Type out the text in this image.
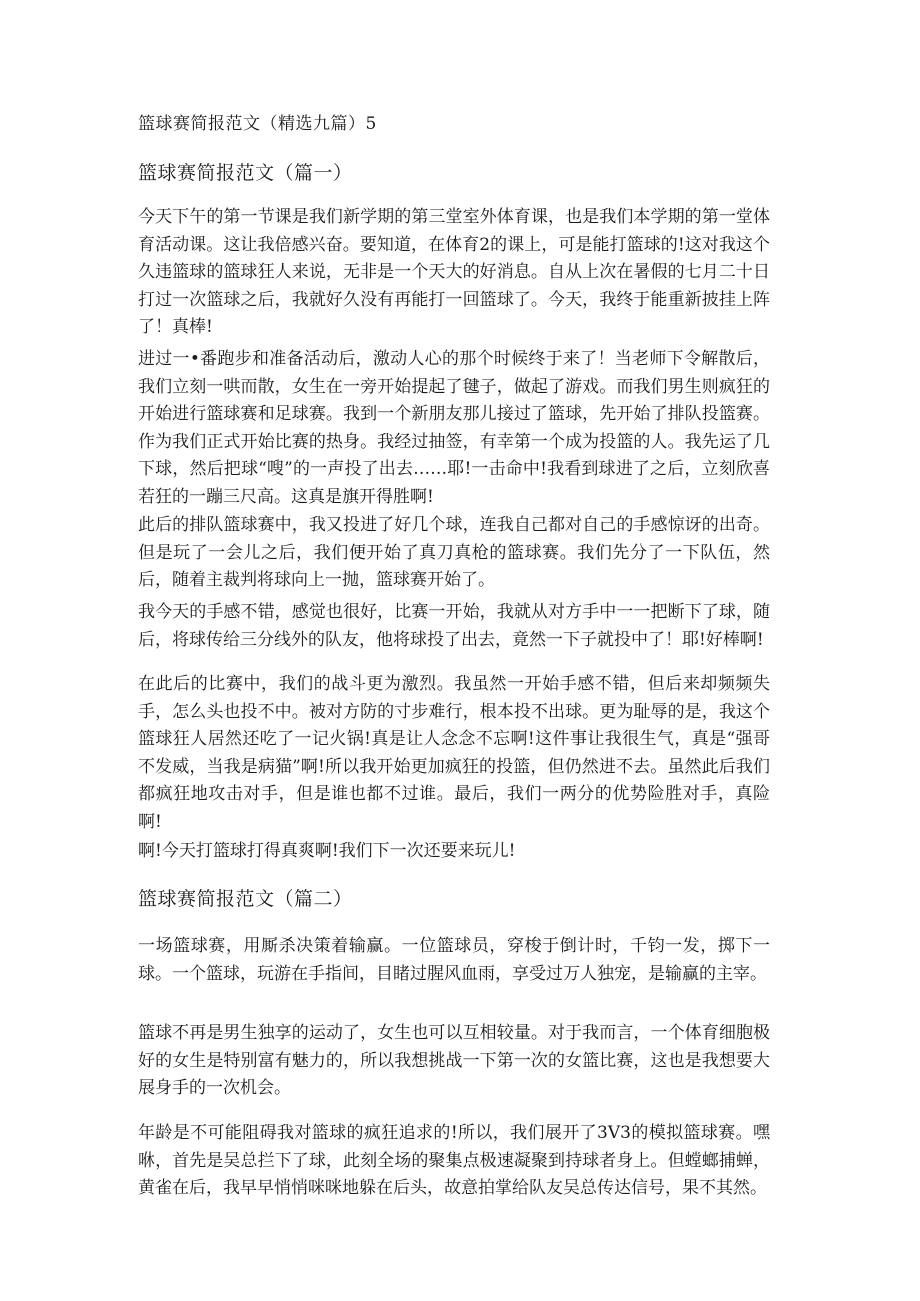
篮球赛简报范文（精选九篇）5
篮球赛简报范文（篇一）

今天下午的第一节课是我们新学期的第三堂室外体育课，也是我们本学期的第一堂体育活动课。这让我倍感兴奋。要知道，在体育2的课上，可是能打篮球的!这对我这个久违篮球的篮球狂人来说，无非是一个天大的好消息。自从上次在暑假的七月二十日打过一次篮球之后，我就好久没有再能打一回篮球了。今天，我终于能重新披挂上阵了！真棒!

进过一•番跑步和准备活动后，激动人心的那个时候终于来了！当老师下令解散后，我们立刻一哄而散，女生在一旁开始提起了毽子，做起了游戏。而我们男生则疯狂的开始进行篮球赛和足球赛。我到一个新朋友那儿接过了篮球，先开始了排队投篮赛。作为我们正式开始比赛的热身。我经过抽签，有幸第一个成为投篮的人。我先运了几下球，然后把球“嗖”的一声投了出去……耶!一击命中!我看到球进了之后，立刻欣喜若狂的一蹦三尺高。这真是旗开得胜啊!

此后的排队篮球赛中，我又投进了好几个球，连我自己都对自己的手感惊讶的出奇。但是玩了一会儿之后，我们便开始了真刀真枪的篮球赛。我们先分了一下队伍，然后，随着主裁判将球向上一抛，篮球赛开始了。

我今天的手感不错，感觉也很好，比赛一开始，我就从对方手中一一把断下了球，随后，将球传给三分线外的队友，他将球投了出去，竟然一下子就投中了！耶!好棒啊!

在此后的比赛中，我们的战斗更为激烈。我虽然一开始手感不错，但后来却频频失手，怎么头也投不中。被对方防的寸步难行，根本投不出球。更为耻辱的是，我这个篮球狂人居然还吃了一记火锅!真是让人念念不忘啊!这件事让我很生气，真是“强哥不发威，当我是病猫”啊!所以我开始更加疯狂的投篮，但仍然进不去。虽然此后我们都疯狂地攻击对手，但是谁也都不过谁。最后，我们一两分的优势险胜对手，真险啊!

啊!今天打篮球打得真爽啊!我们下一次还要来玩儿!

篮球赛简报范文（篇二）

一场篮球赛，用厮杀决策着输赢。一位篮球员，穿梭于倒计时，千钧一发，掷下一球。一个篮球，玩游在手指间，目睹过腥风血雨，享受过万人独宠，是输赢的主宰。

篮球不再是男生独享的运动了，女生也可以互相较量。对于我而言，一个体育细胞极好的女生是特别富有魅力的，所以我想挑战一下第一次的女篮比赛，这也是我想要大展身手的一次机会。

年龄是不可能阻碍我对篮球的疯狂追求的!所以，我们展开了3V3的模拟篮球赛。嘿咻，首先是吴总拦下了球，此刻全场的聚集点极速凝聚到持球者身上。但螳螂捕蝉，黄雀在后，我早早悄悄咪咪地躲在后头，故意拍掌给队友吴总传达信号，果不其然。
